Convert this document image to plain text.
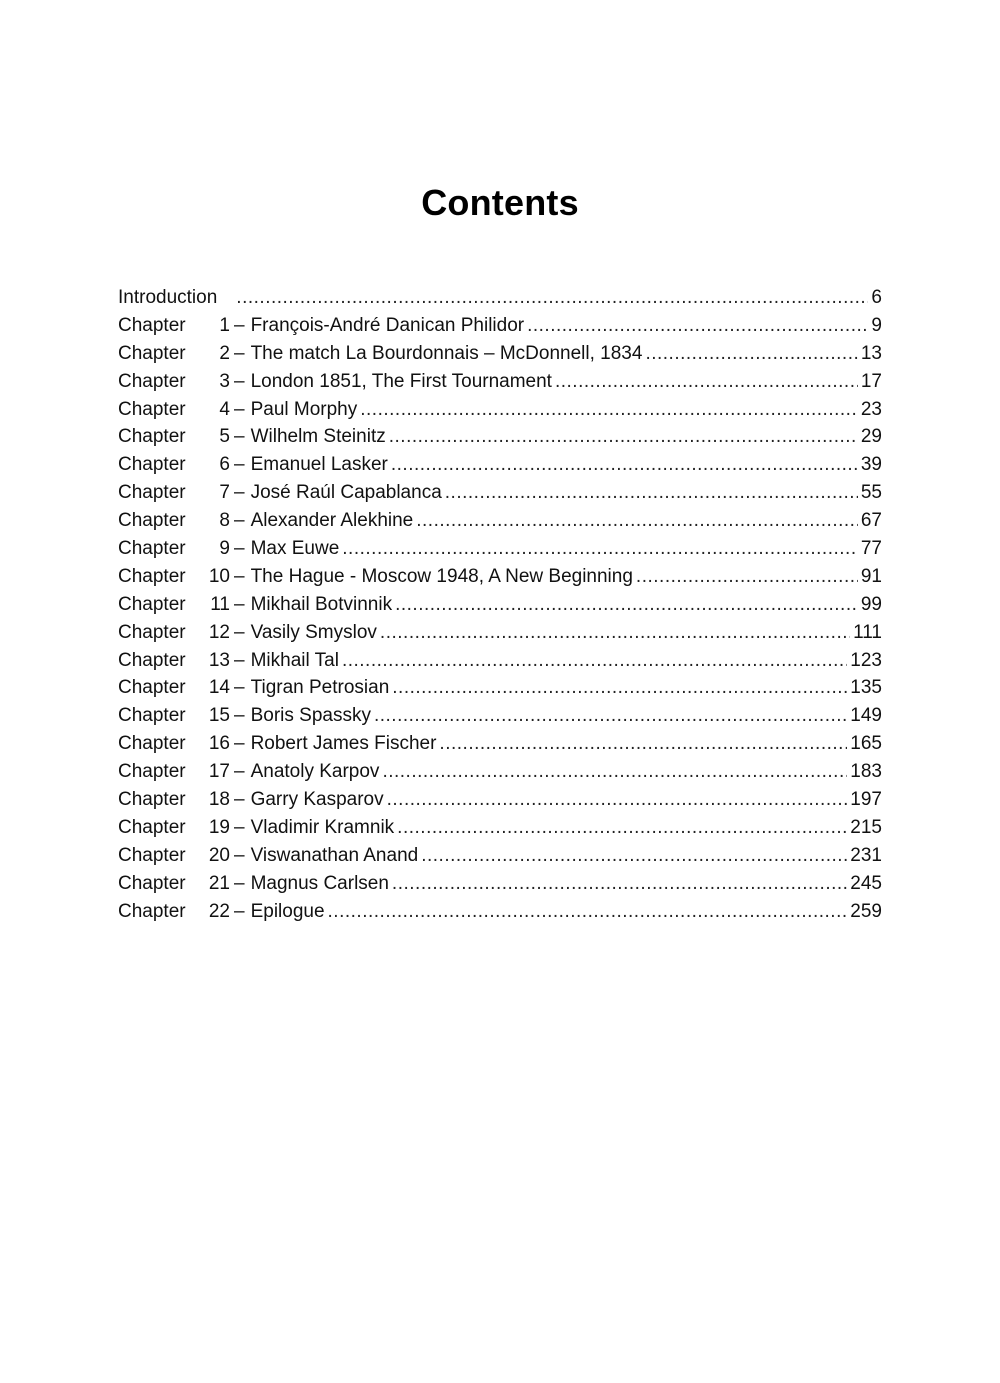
Contents
Introduction .....	6
Chapter	1 – François-André Danican Philidor .....	9
Chapter	2 – The match La Bourdonnais – McDonnell, 1834 .....	13
Chapter	3 – London 1851, The First Tournament .....	17
Chapter	4 – Paul Morphy .....	23
Chapter	5 – Wilhelm Steinitz .....	29
Chapter	6 – Emanuel Lasker .....	39
Chapter	7 – José Raúl Capablanca .....	55
Chapter	8 – Alexander Alekhine .....	67
Chapter	9 – Max Euwe .....	77
Chapter	10 – The Hague - Moscow 1948, A New Beginning .....	91
Chapter	11 – Mikhail Botvinnik .....	99
Chapter	12 – Vasily Smyslov .....	111
Chapter	13 – Mikhail Tal .....	123
Chapter	14 – Tigran Petrosian .....	135
Chapter	15 – Boris Spassky .....	149
Chapter	16 – Robert James Fischer .....	165
Chapter	17 – Anatoly Karpov .....	183
Chapter	18 – Garry Kasparov .....	197
Chapter	19 – Vladimir Kramnik .....	215
Chapter	20 – Viswanathan Anand .....	231
Chapter	21 – Magnus Carlsen .....	245
Chapter	22 – Epilogue .....	259
